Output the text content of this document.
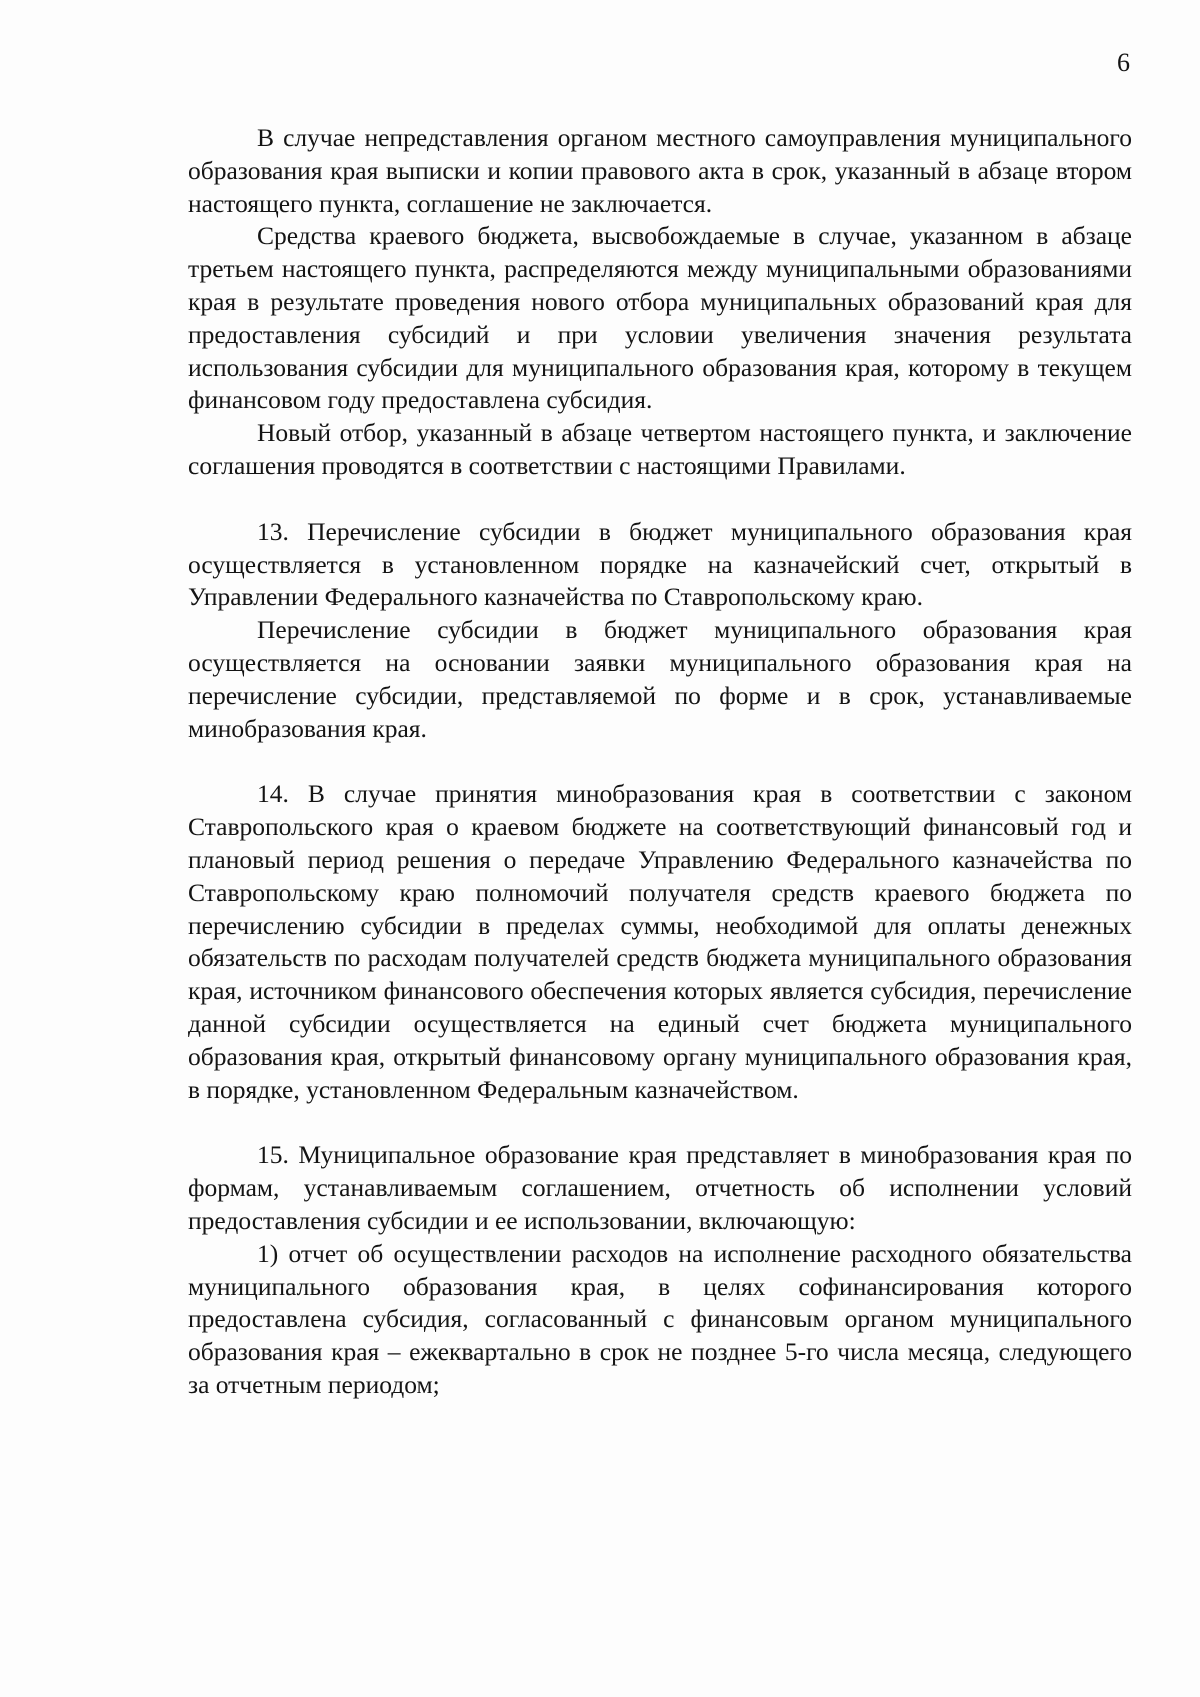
6

В случае непредставления органом местного самоуправления муниципального образования края выписки и копии правового акта в срок, указанный в абзаце втором настоящего пункта, соглашение не заключается.

Средства краевого бюджета, высвобождаемые в случае, указанном в абзаце третьем настоящего пункта, распределяются между муниципальными образованиями края в результате проведения нового отбора муниципальных образований края для предоставления субсидий и при условии увеличения значения результата использования субсидии для муниципального образования края, которому в текущем финансовом году предоставлена субсидия.

Новый отбор, указанный в абзаце четвертом настоящего пункта, и заключение соглашения проводятся в соответствии с настоящими Правилами.

13. Перечисление субсидии в бюджет муниципального образования края осуществляется в установленном порядке на казначейский счет, открытый в Управлении Федерального казначейства по Ставропольскому краю.

Перечисление субсидии в бюджет муниципального образования края осуществляется на основании заявки муниципального образования края на перечисление субсидии, представляемой по форме и в срок, устанавливаемые минобразования края.

14. В случае принятия минобразования края в соответствии с законом Ставропольского края о краевом бюджете на соответствующий финансовый год и плановый период решения о передаче Управлению Федерального казначейства по Ставропольскому краю полномочий получателя средств краевого бюджета по перечислению субсидии в пределах суммы, необходимой для оплаты денежных обязательств по расходам получателей средств бюджета муниципального образования края, источником финансового обеспечения которых является субсидия, перечисление данной субсидии осуществляется на единый счет бюджета муниципального образования края, открытый финансовому органу муниципального образования края, в порядке, установленном Федеральным казначейством.

15. Муниципальное образование края представляет в минобразования края по формам, устанавливаемым соглашением, отчетность об исполнении условий предоставления субсидии и ее использовании, включающую:

1) отчет об осуществлении расходов на исполнение расходного обязательства муниципального образования края, в целях софинансирования которого предоставлена субсидия, согласованный с финансовым органом муниципального образования края – ежеквартально в срок не позднее 5-го числа месяца, следующего за отчетным периодом;
